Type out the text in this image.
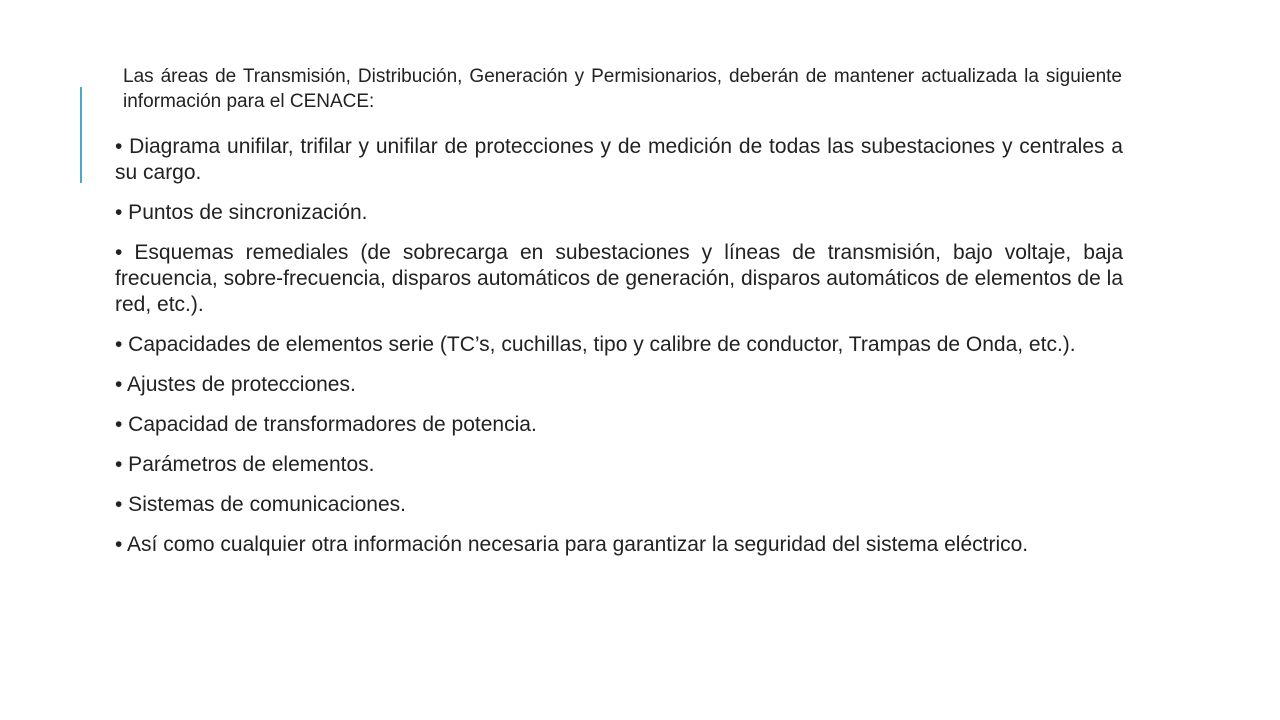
Las áreas de Transmisión, Distribución, Generación y Permisionarios, deberán de mantener actualizada la siguiente información para el CENACE:

• Diagrama unifilar, trifilar y unifilar de protecciones y de medición de todas las subestaciones y centrales a su cargo.
• Puntos de sincronización.
• Esquemas remediales (de sobrecarga en subestaciones y líneas de transmisión, bajo voltaje, baja frecuencia, sobre-frecuencia, disparos automáticos de generación, disparos automáticos de elementos de la red, etc.).
• Capacidades de elementos serie (TC’s, cuchillas, tipo y calibre de conductor, Trampas de Onda, etc.).
• Ajustes de protecciones.
• Capacidad de transformadores de potencia.
• Parámetros de elementos.
• Sistemas de comunicaciones.
• Así como cualquier otra información necesaria para garantizar la seguridad del sistema eléctrico.
